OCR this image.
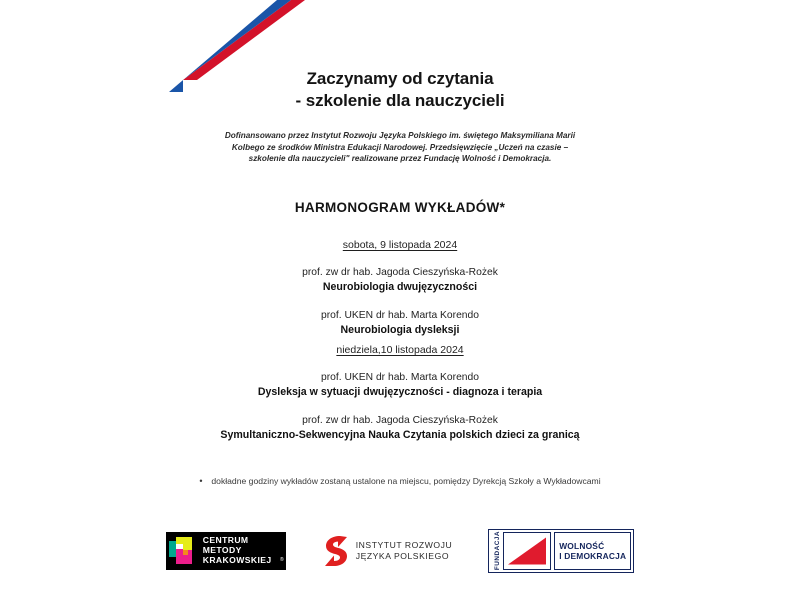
Zaczynamy od czytania
- szkolenie dla nauczycieli
Dofinansowano przez Instytut Rozwoju Języka Polskiego im. świętego Maksymiliana Marii Kolbego ze środków Ministra Edukacji Narodowej. Przedsięwzięcie „Uczeń na czasie – szkolenie dla nauczycieli" realizowane przez Fundację Wolność i Demokracja.
HARMONOGRAM WYKŁADÓW*
sobota, 9 listopada 2024
prof. zw dr hab. Jagoda Cieszyńska-Rożek
Neurobiologia dwujęzyczności
prof. UKEN dr hab. Marta Korendo
Neurobiologia dysleksji
niedziela,10 listopada 2024
prof. UKEN dr hab. Marta Korendo
Dysleksja w sytuacji dwujęzyczności - diagnoza i terapia
prof. zw dr hab. Jagoda Cieszyńska-Rożek
Symultaniczno-Sekwencyjna Nauka Czytania polskich dzieci za granicą
• dokładne godziny wykładów zostaną ustalone na miejscu, pomiędzy Dyrekcją Szkoły a Wykładowcami
CENTRUM
METODY
KRAKOWSKIEJ	®
INSTYTUT ROZWOJU
JĘZYKA POLSKIEGO	FUNDACJA	WOLNOŚĆ
I DEMOKRACJA
